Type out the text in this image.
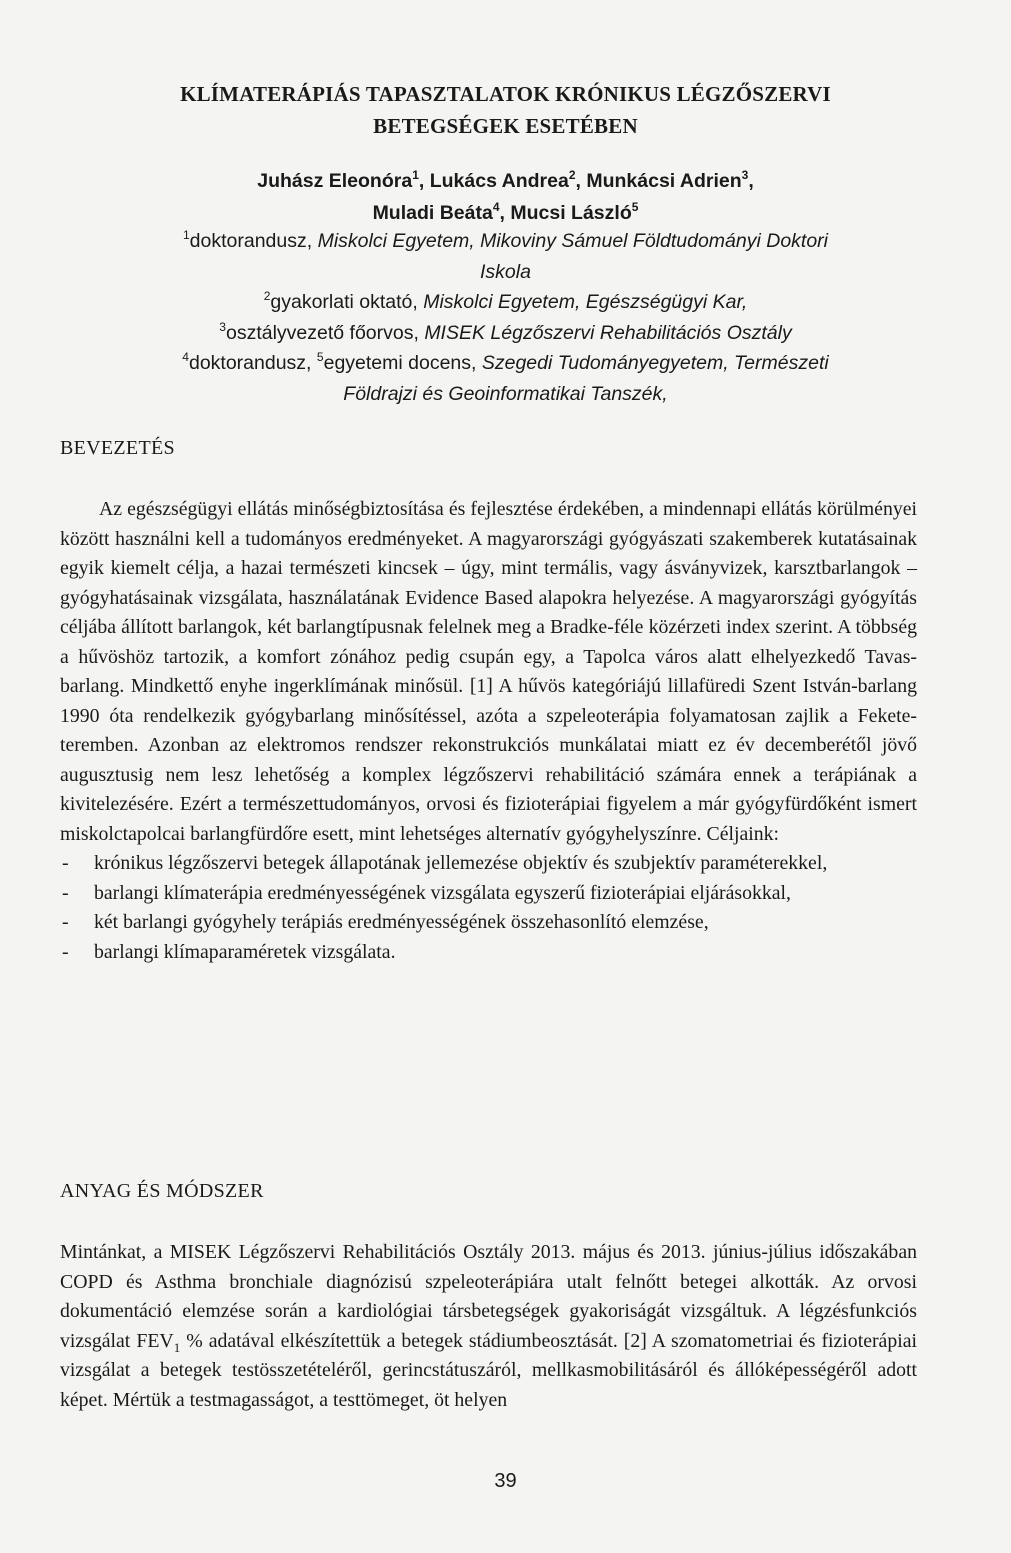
KLÍMATERÁPIÁS TAPASZTALATOK KRÓNIKUS LÉGZŐSZERVI
BETEGSÉGEK ESETÉBEN
Juhász Eleonóra$^1$, Lukács Andrea$^2$, Munkácsi Adrien$^3$,
Muladi Beáta$^4$, Mucsi László$^5$
$^1$doktorandusz, Miskolci Egyetem, Mikoviny Sámuel Földtudományi Doktori
Iskola
$^2$gyakorlati oktató, Miskolci Egyetem, Egészségügyi Kar,
$^3$osztályvezető főorvos, MISEK Légzőszervi Rehabilitációs Osztály
$^4$doktorandusz, $^5$egyetemi docens, Szegedi Tudományegyetem, Természeti
Földrajzi és Geoinformatikai Tanszék,
BEVEZETÉS

Az egészségügyi ellátás minőségbiztosítása és fejlesztése érdekében, a mindennapi ellátás körülményei között használni kell a tudományos eredményeket. A magyarországi gyógyászati szakemberek kutatásainak egyik kiemelt célja, a hazai természeti kincsek – úgy, mint termális, vagy ásványvizek, karsztbarlangok – gyógyhatásainak vizsgálata, használatának Evidence Based alapokra helyezése. A magyarországi gyógyítás céljába állított barlangok, két barlangtípusnak felelnek meg a Bradke-féle közérzeti index szerint. A többség a hűvöshöz tartozik, a komfort zónához pedig csupán egy, a Tapolca város alatt elhelyezkedő Tavas-barlang. Mindkettő enyhe ingerklímának minősül. [1] A hűvös kategóriájú lillafüredi Szent István-barlang 1990 óta rendelkezik gyógybarlang minősítéssel, azóta a szpeleoterápia folyamatosan zajlik a Fekete-teremben. Azonban az elektromos rendszer rekonstrukciós munkálatai miatt ez év decemberétől jövő augusztusig nem lesz lehetőség a komplex légzőszervi rehabilitáció számára ennek a terápiának a kivitelezésére. Ezért a természettudományos, orvosi és fizioterápiai figyelem a már gyógyfürdőként ismert miskolctapolcai barlangfürdőre esett, mint lehetséges alternatív gyógyhelyszínre. Céljaink:

- krónikus légzőszervi betegek állapotának jellemezése objektív és szubjektív paraméterekkel,
- barlangi klímaterápia eredményességének vizsgálata egyszerű fizioterápiai eljárásokkal,
- két barlangi gyógyhely terápiás eredményességének összehasonlító elemzése,
- barlangi klímaparaméretek vizsgálata.
ANYAG ÉS MÓDSZER

Mintánkat, a MISEK Légzőszervi Rehabilitációs Osztály 2013. május és 2013. június-július időszakában COPD és Asthma bronchiale diagnózisú szpeleoterápiára utalt felnőtt betegei alkották. Az orvosi dokumentáció elemzése során a kardiológiai társbetegségek gyakoriságát vizsgáltuk. A légzésfunkciós vizsgálat $FEV_1$ % adatával elkészítettük a betegek stádiumbeosztását. [2] A szomatometriai és fizioterápiai vizsgálat a betegek testösszetételéről, gerincstátuszáról, mellkasmobilitásáról és állóképességéről adott képet. Mértük a testmagasságot, a testtömeget, öt helyen

39
